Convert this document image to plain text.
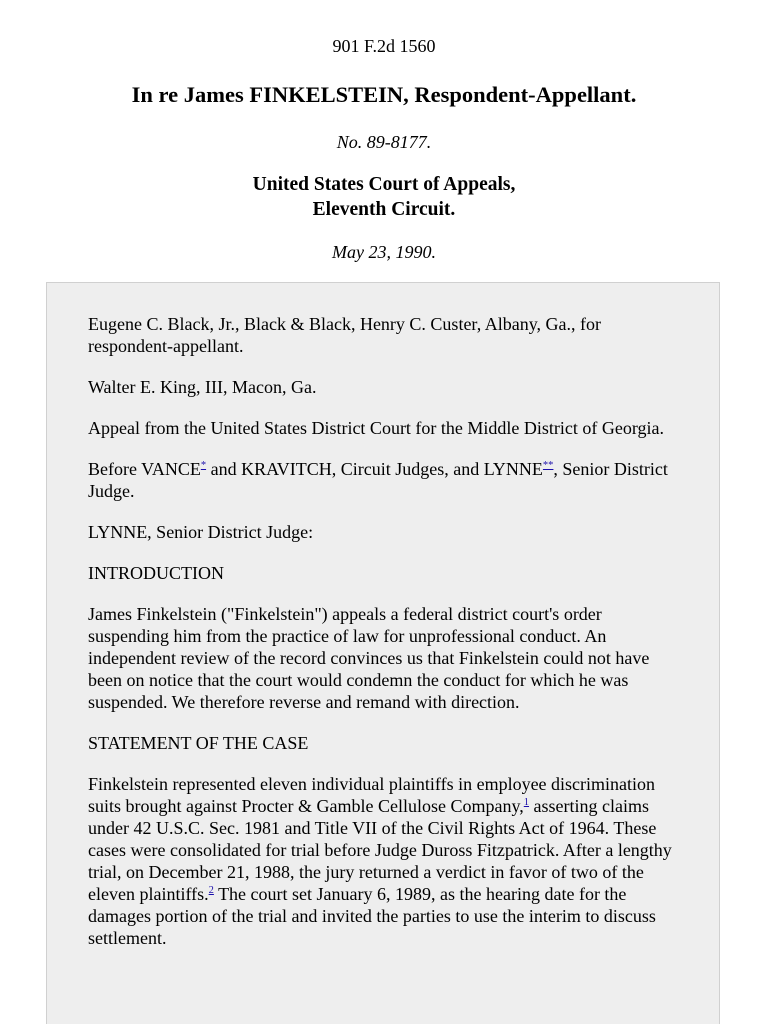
901 F.2d 1560
In re James FINKELSTEIN, Respondent-Appellant.
No. 89-8177.
United States Court of Appeals,
Eleventh Circuit.
May 23, 1990.

Eugene C. Black, Jr., Black & Black, Henry C. Custer, Albany, Ga., for respondent-appellant.

Walter E. King, III, Macon, Ga.

Appeal from the United States District Court for the Middle District of Georgia.

Before VANCE* and KRAVITCH, Circuit Judges, and LYNNE**, Senior District Judge.

LYNNE, Senior District Judge:

INTRODUCTION

James Finkelstein ("Finkelstein") appeals a federal district court's order suspending him from the practice of law for unprofessional conduct. An independent review of the record convinces us that Finkelstein could not have been on notice that the court would condemn the conduct for which he was suspended. We therefore reverse and remand with direction.

STATEMENT OF THE CASE

Finkelstein represented eleven individual plaintiffs in employee discrimination suits brought against Procter & Gamble Cellulose Company,$^1$ asserting claims under 42 U.S.C. Sec. 1981 and Title VII of the Civil Rights Act of 1964. These cases were consolidated for trial before Judge Duross Fitzpatrick. After a lengthy trial, on December 21, 1988, the jury returned a verdict in favor of two of the eleven plaintiffs.$^2$ The court set January 6, 1989, as the hearing date for the damages portion of the trial and invited the parties to use the interim to discuss settlement.
